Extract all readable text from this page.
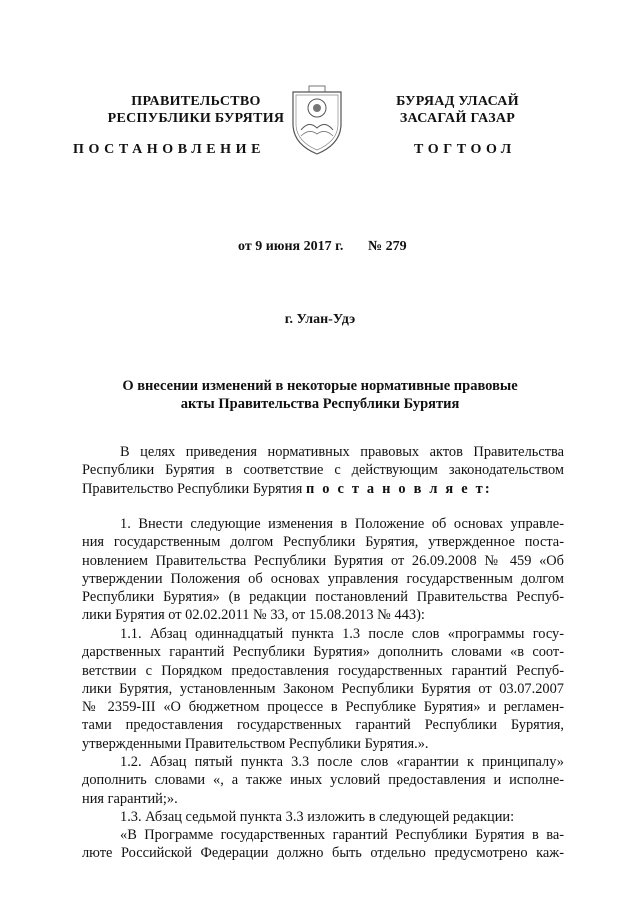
ПРАВИТЕЛЬСТВО
РЕСПУБЛИКИ БУРЯТИЯ
БУРЯАД УЛАСАЙ
ЗАСАГАЙ ГАЗАР
ПОСТАНОВЛЕНИЕ	ТОГТООЛ
от 9 июня 2017 г. № 279
г. Улан-Удэ
О внесении изменений в некоторые нормативные правовые
акты Правительства Республики Бурятия
В целях приведения нормативных правовых актов Правительства
Республики Бурятия в соответствие с действующим законодательством
Правительство Республики Бурятия п о с т а н о в л я е т:
1. Внести следующие изменения в Положение об основах управле-
ния государственным долгом Республики Бурятия, утвержденное поста-
новлением Правительства Республики Бурятия от 26.09.2008 № 459 «Об
утверждении Положения об основах управления государственным долгом
Республики Бурятия» (в редакции постановлений Правительства Респуб-
лики Бурятия от 02.02.2011 № 33, от 15.08.2013 № 443):
1.1. Абзац одиннадцатый пункта 1.3 после слов «программы госу-
дарственных гарантий Республики Бурятия» дополнить словами «в соот-
ветствии с Порядком предоставления государственных гарантий Респуб-
лики Бурятия, установленным Законом Республики Бурятия от 03.07.2007
№ 2359-III «О бюджетном процессе в Республике Бурятия» и регламен-
тами предоставления государственных гарантий Республики Бурятия,
утвержденными Правительством Республики Бурятия.».
1.2. Абзац пятый пункта 3.3 после слов «гарантии к принципалу»
дополнить словами «, а также иных условий предоставления и исполне-
ния гарантий;».
1.3. Абзац седьмой пункта 3.3 изложить в следующей редакции:
«В Программе государственных гарантий Республики Бурятия в ва-
люте Российской Федерации должно быть отдельно предусмотрено каж-
